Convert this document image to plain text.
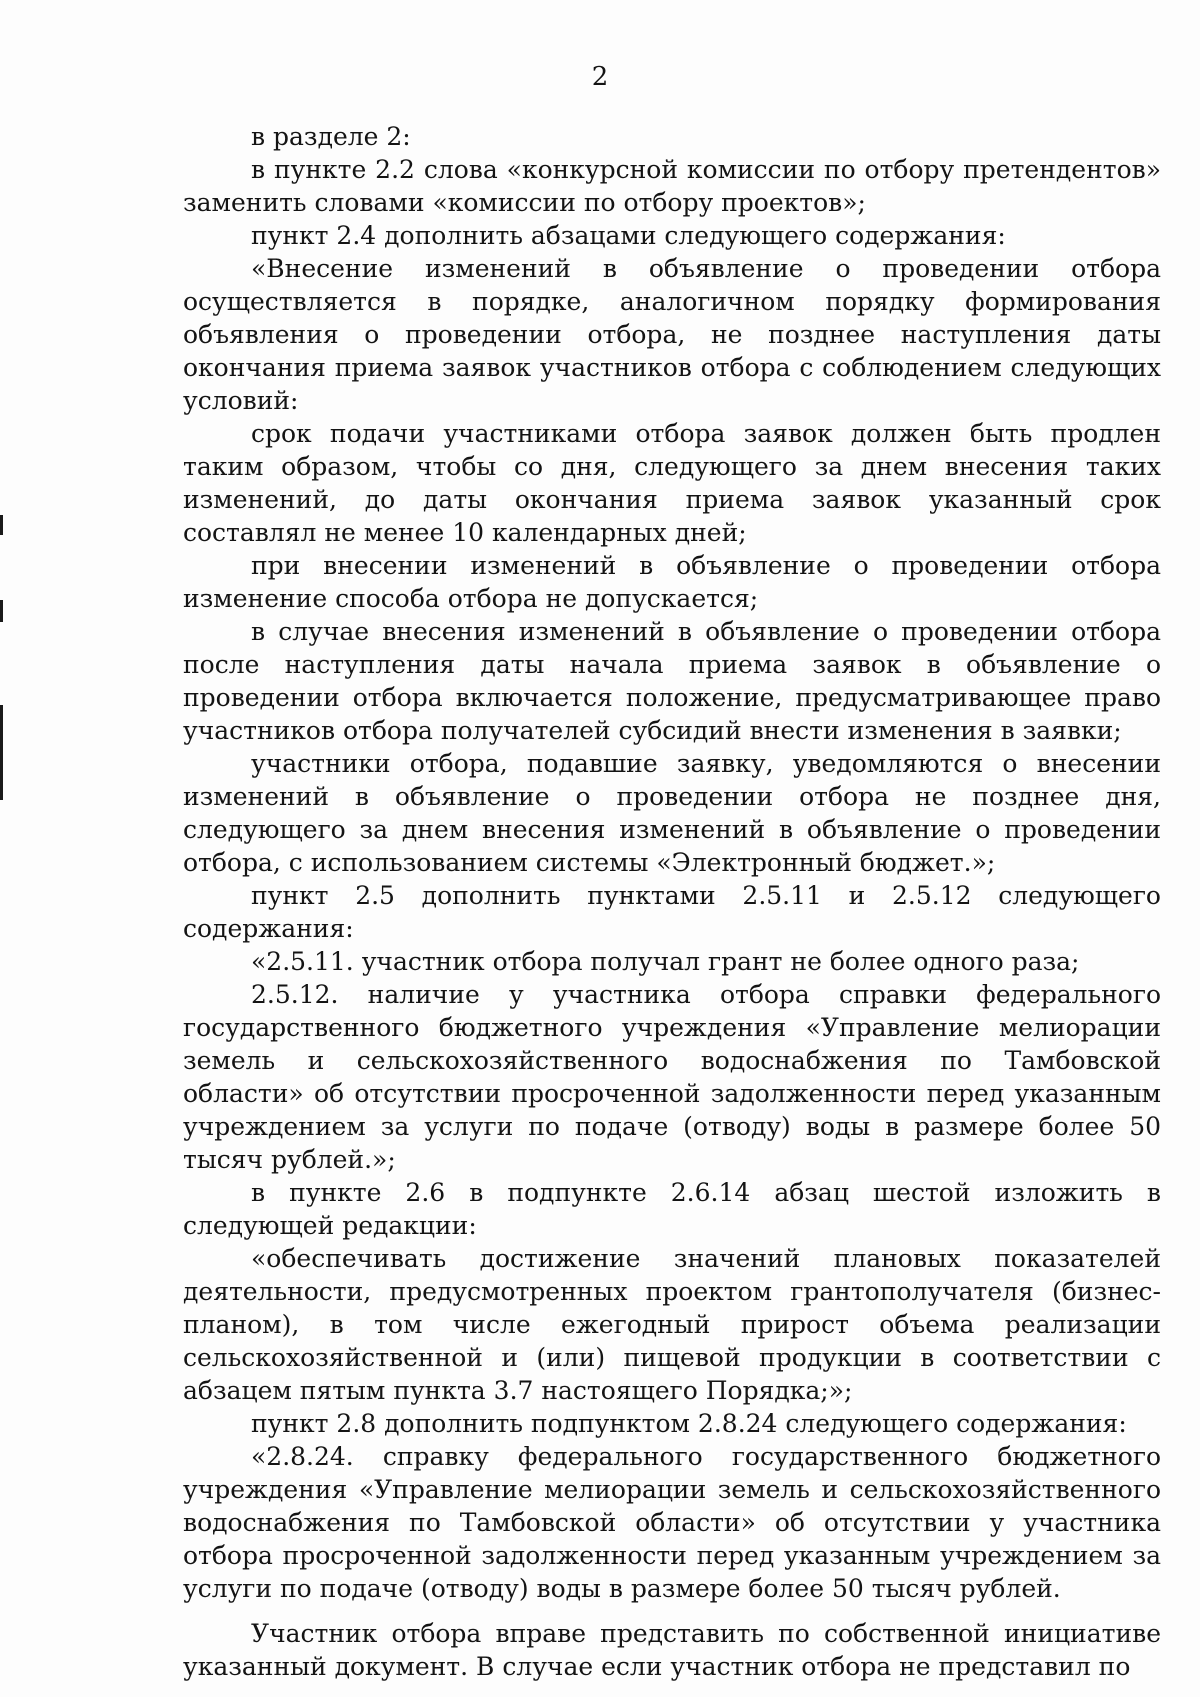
2

в разделе 2:

в пункте 2.2 слова «конкурсной комиссии по отбору претендентов» заменить словами «комиссии по отбору проектов»;

пункт 2.4 дополнить абзацами следующего содержания:

«Внесение изменений в объявление о проведении отбора осуществляется в порядке, аналогичном порядку формирования объявления о проведении отбора, не позднее наступления даты окончания приема заявок участников отбора с соблюдением следующих условий:

срок подачи участниками отбора заявок должен быть продлен таким образом, чтобы со дня, следующего за днем внесения таких изменений, до даты окончания приема заявок указанный срок составлял не менее 10 календарных дней;

при внесении изменений в объявление о проведении отбора изменение способа отбора не допускается;

в случае внесения изменений в объявление о проведении отбора после наступления даты начала приема заявок в объявление о проведении отбора включается положение, предусматривающее право участников отбора получателей субсидий внести изменения в заявки;

участники отбора, подавшие заявку, уведомляются о внесении изменений в объявление о проведении отбора не позднее дня, следующего за днем внесения изменений в объявление о проведении отбора, с использованием системы «Электронный бюджет.»;

пункт 2.5 дополнить пунктами 2.5.11 и 2.5.12 следующего содержания:

«2.5.11. участник отбора получал грант не более одного раза;

2.5.12. наличие у участника отбора справки федерального государственного бюджетного учреждения «Управление мелиорации земель и сельскохозяйственного водоснабжения по Тамбовской области» об отсутствии просроченной задолженности перед указанным учреждением за услуги по подаче (отводу) воды в размере более 50 тысяч рублей.»;

в пункте 2.6 в подпункте 2.6.14 абзац шестой изложить в следующей редакции:

«обеспечивать достижение значений плановых показателей деятельности, предусмотренных проектом грантополучателя (бизнес-планом), в том числе ежегодный прирост объема реализации сельскохозяйственной и (или) пищевой продукции в соответствии с абзацем пятым пункта 3.7 настоящего Порядка;»;

пункт 2.8 дополнить подпунктом 2.8.24 следующего содержания:

«2.8.24. справку федерального государственного бюджетного учреждения «Управление мелиорации земель и сельскохозяйственного водоснабжения по Тамбовской области» об отсутствии у участника отбора просроченной задолженности перед указанным учреждением за услуги по подаче (отводу) воды в размере более 50 тысяч рублей.

Участник отбора вправе представить по собственной инициативе указанный документ. В случае если участник отбора не представил по
